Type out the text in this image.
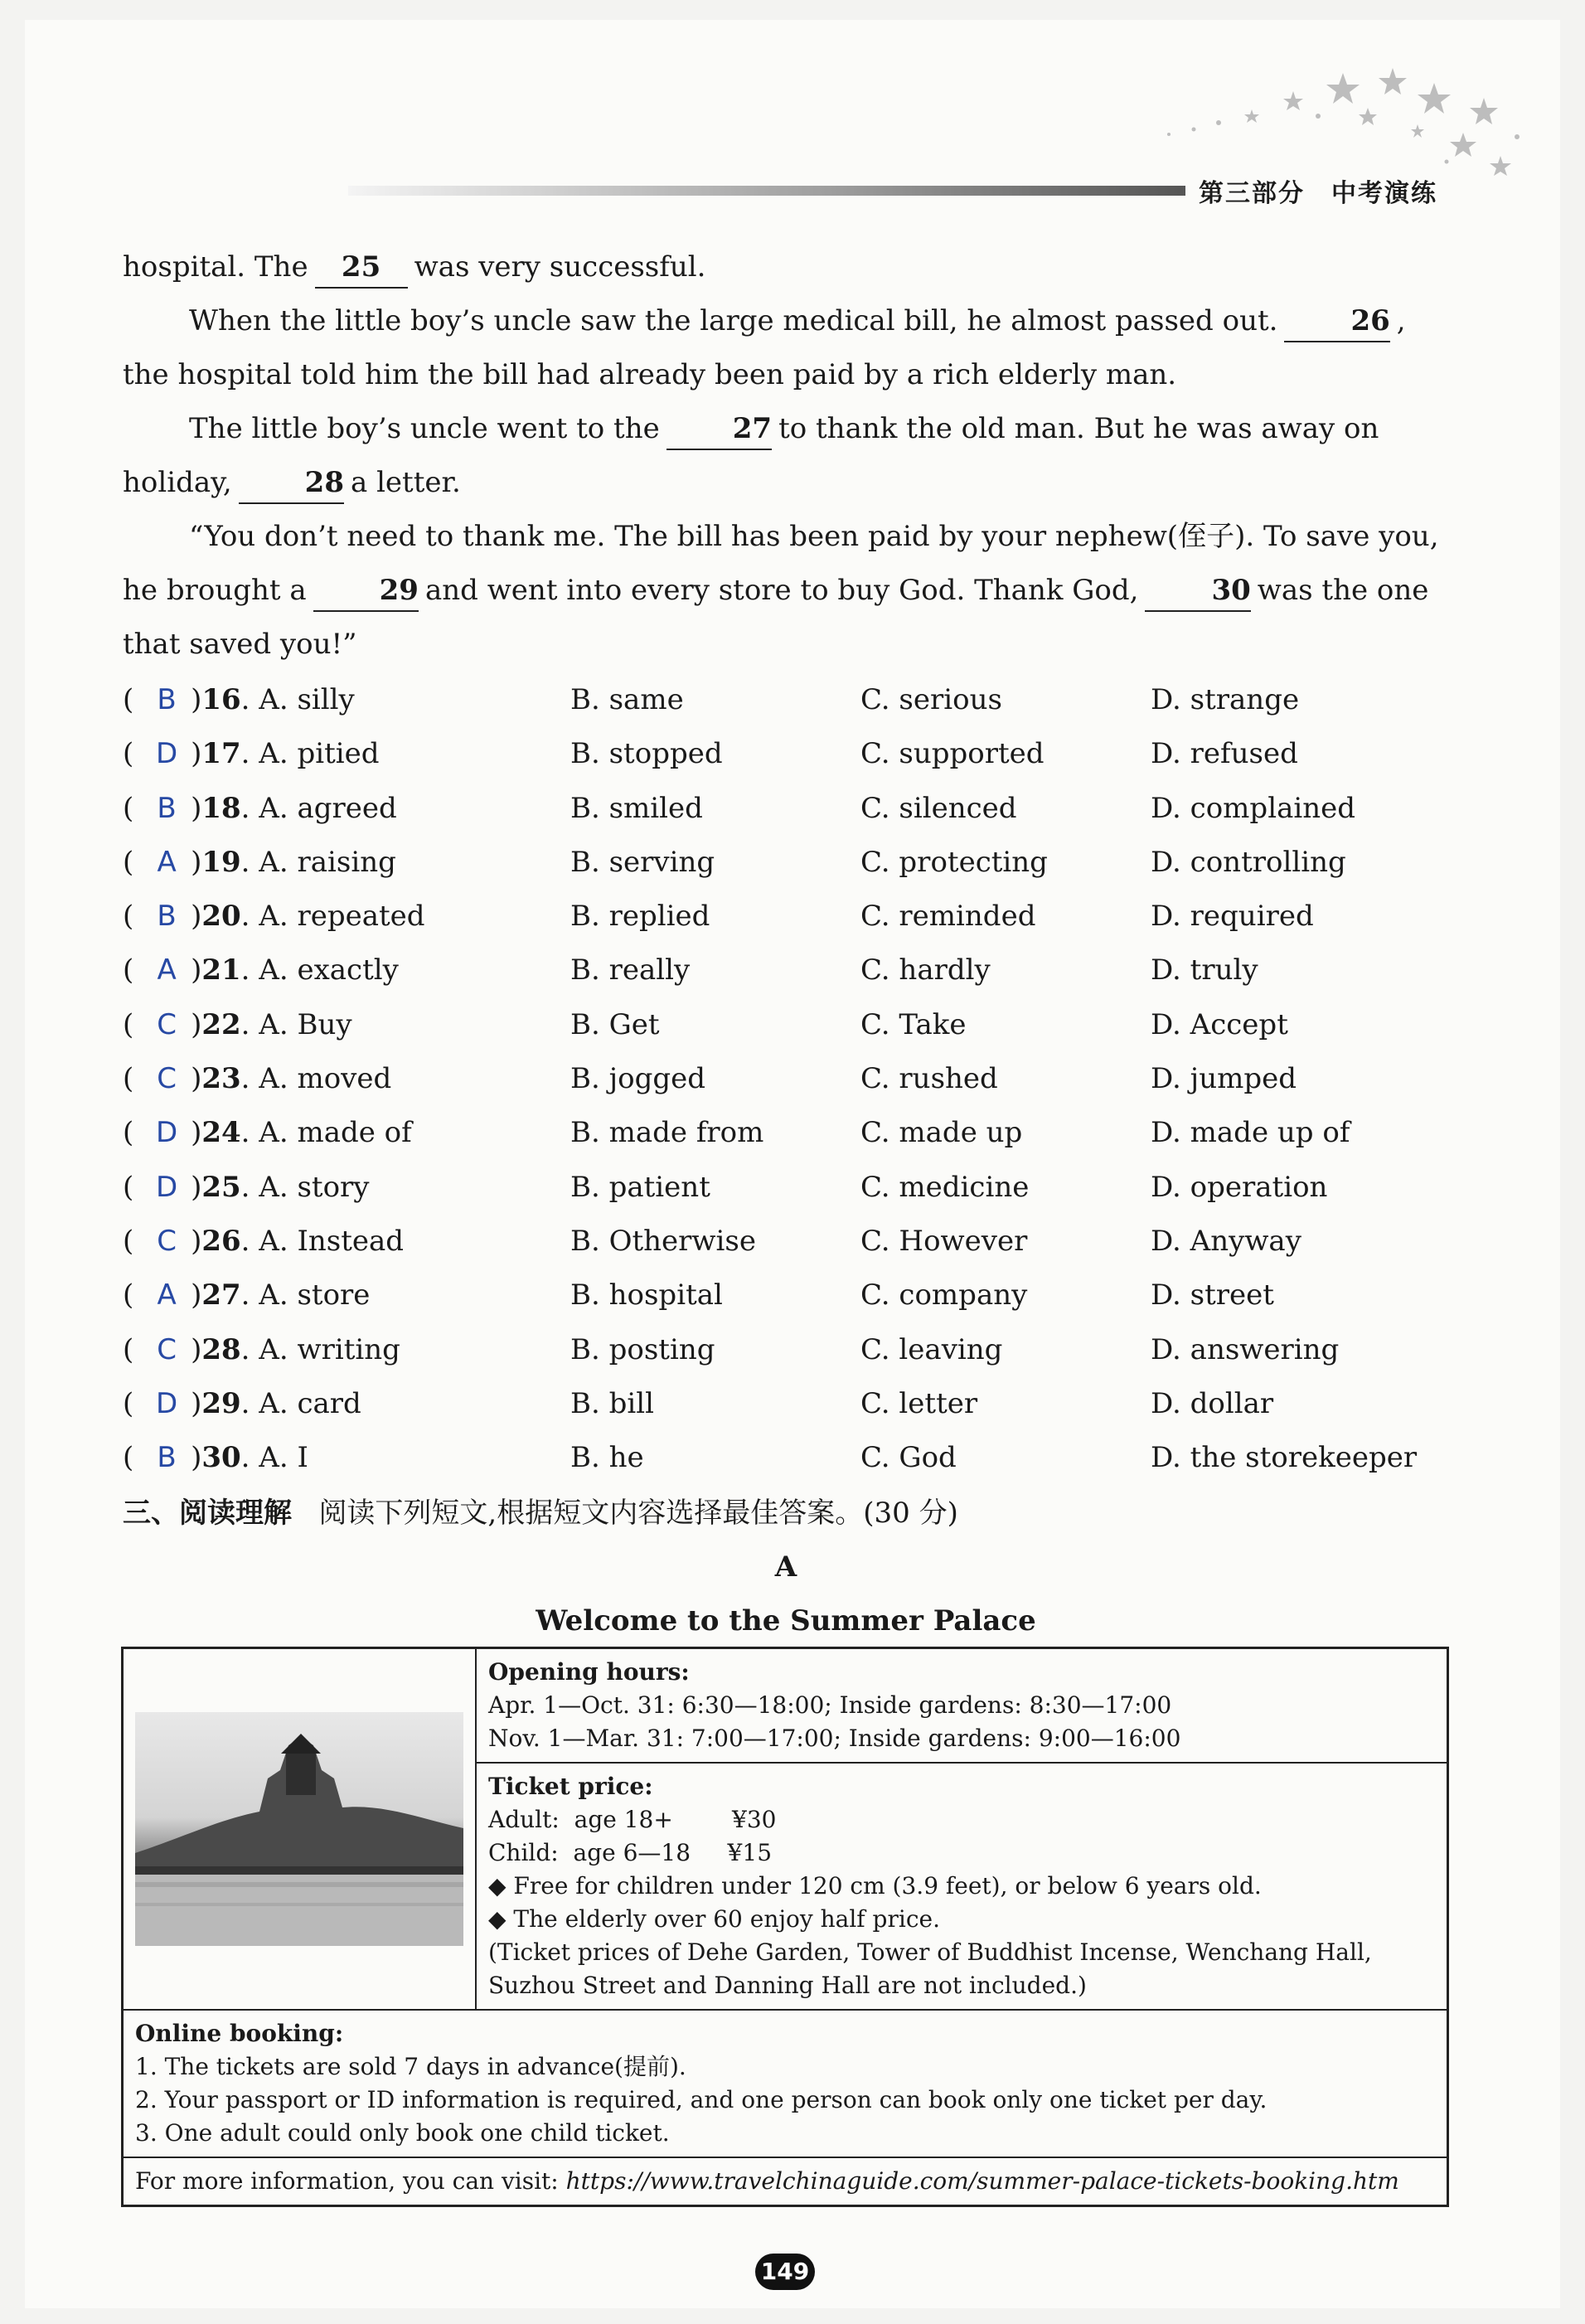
第三部分　中考演练

hospital. The 25 was very successful.

When the little boy’s uncle saw the large medical bill, he almost passed out.	26 , the hospital told him the bill had already been paid by a rich elderly man.

The little boy’s uncle went to the	27 to thank the old man. But he was away on holiday,	28 a letter.

“You don’t need to thank me. The bill has been paid by your nephew(侄子). To save you, he brought a	29 and went into every store to buy God. Thank God,	30 was the one that saved you!”

( B )16. A. silly	B. same	C. serious	D. strange
( D )17. A. pitied	B. stopped	C. supported	D. refused
( B )18. A. agreed	B. smiled	C. silenced	D. complained
( A )19. A. raising	B. serving	C. protecting	D. controlling
( B )20. A. repeated	B. replied	C. reminded	D. required
( A )21. A. exactly	B. really	C. hardly	D. truly
( C )22. A. Buy	B. Get	C. Take	D. Accept
( C )23. A. moved	B. jogged	C. rushed	D. jumped
( D )24. A. made of	B. made from	C. made up	D. made up of
( D )25. A. story	B. patient	C. medicine	D. operation
( C )26. A. Instead	B. Otherwise	C. However	D. Anyway
( A )27. A. store	B. hospital	C. company	D. street
( C )28. A. writing	B. posting	C. leaving	D. answering
( D )29. A. card	B. bill	C. letter	D. dollar
( B )30. A. I	B. he	C. God	D. the storekeeper
三、阅读理解 阅读下列短文,根据短文内容选择最佳答案。(30 分)
A
Welcome to the Summer Palace
	Opening hours:
Apr. 1—Oct. 31: 6:30—18:00; Inside gardens: 8:30—17:00
Nov. 1—Mar. 31: 7:00—17:00; Inside gardens: 9:00—16:00
Ticket price:
Adult:  age 18+        ¥30
Child:  age 6—18     ¥15
◆ Free for children under 120 cm (3.9 feet), or below 6 years old.
◆ The elderly over 60 enjoy half price.
(Ticket prices of Dehe Garden, Tower of Buddhist Incense, Wenchang Hall, Suzhou Street and Danning Hall are not included.)
Online booking:
1. The tickets are sold 7 days in advance(提前).
2. Your passport or ID information is required, and one person can book only one ticket per day.
3. One adult could only book one child ticket.
For more information, you can visit: https://www.travelchinaguide.com/summer-palace-tickets-booking.htm
149
